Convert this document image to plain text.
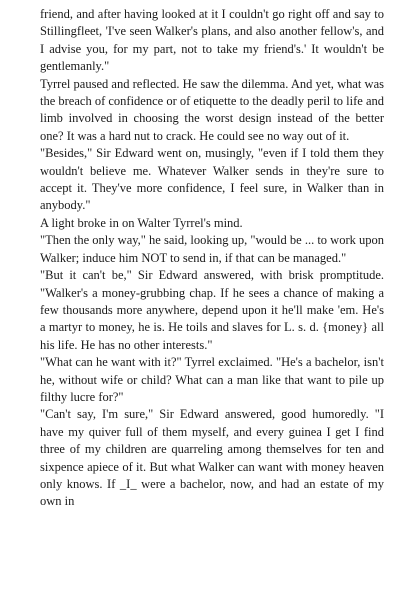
friend, and after having looked at it I couldn't go right off and say to Stillingfleet, 'I've seen Walker's plans, and also another fellow's, and I advise you, for my part, not to take my friend's.' It wouldn't be gentlemanly."

Tyrrel paused and reflected. He saw the dilemma. And yet, what was the breach of confidence or of etiquette to the deadly peril to life and limb involved in choosing the worst design instead of the better one? It was a hard nut to crack. He could see no way out of it.

"Besides," Sir Edward went on, musingly, "even if I told them they wouldn't believe me. Whatever Walker sends in they're sure to accept it. They've more confidence, I feel sure, in Walker than in anybody."

A light broke in on Walter Tyrrel's mind.

"Then the only way," he said, looking up, "would be ... to work upon Walker; induce him NOT to send in, if that can be managed."

"But it can't be," Sir Edward answered, with brisk promptitude. "Walker's a money-grubbing chap. If he sees a chance of making a few thousands more anywhere, depend upon it he'll make 'em. He's a martyr to money, he is. He toils and slaves for L. s. d. {money} all his life. He has no other interests."

"What can he want with it?" Tyrrel exclaimed. "He's a bachelor, isn't he, without wife or child? What can a man like that want to pile up filthy lucre for?"

"Can't say, I'm sure," Sir Edward answered, good humoredly. "I have my quiver full of them myself, and every guinea I get I find three of my children are quarreling among themselves for ten and sixpence apiece of it. But what Walker can want with money heaven only knows. If _I_ were a bachelor, now, and had an estate of my own in
